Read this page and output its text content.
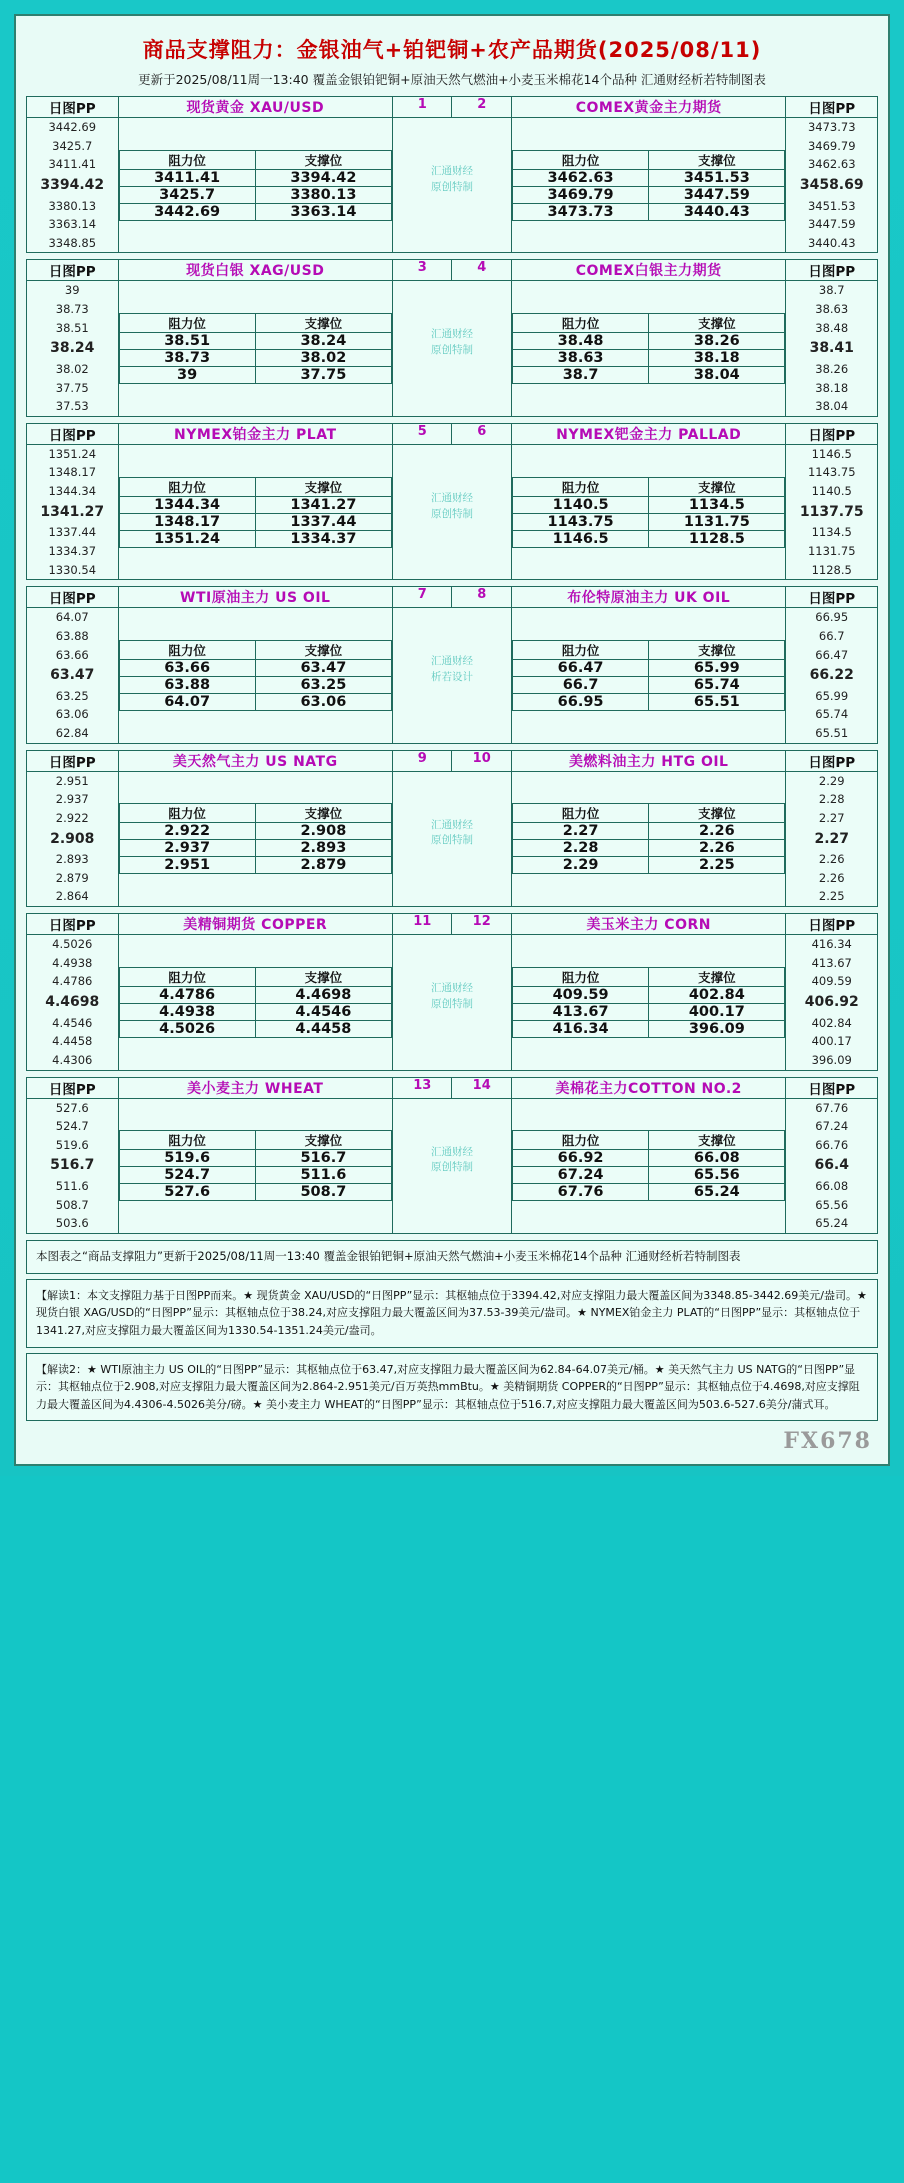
商品支撑阻力：金银油气+铂钯铜+农产品期货(2025/08/11)
更新于2025/08/11周一13:40 覆盖金银铂钯铜+原油天然气燃油+小麦玉米棉花14个品种 汇通财经析若特制图表
日图PP	现货黄金 XAU/USD	1	2	COMEX黄金主力期货	日图PP

3442.69
3425.7
3411.41
3394.42
3380.13
3363.14
3348.85

阻力位	支撑位
3411.41	3394.42
3425.7	3380.13
3442.69	3363.14

汇通财经
原创特制

阻力位	支撑位
3462.63	3451.53
3469.79	3447.59
3473.73	3440.43

3473.73
3469.79
3462.63
3458.69
3451.53
3447.59
3440.43
日图PP	现货白银 XAG/USD	3	4	COMEX白银主力期货	日图PP

39
38.73
38.51
38.24
38.02
37.75
37.53

阻力位	支撑位
38.51	38.24
38.73	38.02
39	37.75

汇通财经
原创特制

阻力位	支撑位
38.48	38.26
38.63	38.18
38.7	38.04

38.7
38.63
38.48
38.41
38.26
38.18
38.04
日图PP	NYMEX铂金主力 PLAT	5	6	NYMEX钯金主力 PALLAD	日图PP

1351.24
1348.17
1344.34
1341.27
1337.44
1334.37
1330.54

阻力位	支撑位
1344.34	1341.27
1348.17	1337.44
1351.24	1334.37

汇通财经
原创特制

阻力位	支撑位
1140.5	1134.5
1143.75	1131.75
1146.5	1128.5

1146.5
1143.75
1140.5
1137.75
1134.5
1131.75
1128.5
日图PP	WTI原油主力 US OIL	7	8	布伦特原油主力 UK OIL	日图PP

64.07
63.88
63.66
63.47
63.25
63.06
62.84

阻力位	支撑位
63.66	63.47
63.88	63.25
64.07	63.06

汇通财经
析若设计

阻力位	支撑位
66.47	65.99
66.7	65.74
66.95	65.51

66.95
66.7
66.47
66.22
65.99
65.74
65.51
日图PP	美天然气主力 US NATG	9	10	美燃料油主力 HTG OIL	日图PP

2.951
2.937
2.922
2.908
2.893
2.879
2.864

阻力位	支撑位
2.922	2.908
2.937	2.893
2.951	2.879

汇通财经
原创特制

阻力位	支撑位
2.27	2.26
2.28	2.26
2.29	2.25

2.29
2.28
2.27
2.27
2.26
2.26
2.25
日图PP	美精铜期货 COPPER	11	12	美玉米主力 CORN	日图PP

4.5026
4.4938
4.4786
4.4698
4.4546
4.4458
4.4306

阻力位	支撑位
4.4786	4.4698
4.4938	4.4546
4.5026	4.4458

汇通财经
原创特制

阻力位	支撑位
409.59	402.84
413.67	400.17
416.34	396.09

416.34
413.67
409.59
406.92
402.84
400.17
396.09
日图PP	美小麦主力 WHEAT	13	14	美棉花主力COTTON NO.2	日图PP

527.6
524.7
519.6
516.7
511.6
508.7
503.6

阻力位	支撑位
519.6	516.7
524.7	511.6
527.6	508.7

汇通财经
原创特制

阻力位	支撑位
66.92	66.08
67.24	65.56
67.76	65.24

67.76
67.24
66.76
66.4
66.08
65.56
65.24
本图表之“商品支撑阻力”更新于2025/08/11周一13:40 覆盖金银铂钯铜+原油天然气燃油+小麦玉米棉花14个品种 汇通财经析若特制图表
【解读1：本文支撑阻力基于日图PP而来。★ 现货黄金 XAU/USD的“日图PP”显示：其枢轴点位于3394.42,对应支撑阻力最大覆盖区间为3348.85-3442.69美元/盎司。★ 现货白银 XAG/USD的“日图PP”显示：其枢轴点位于38.24,对应支撑阻力最大覆盖区间为37.53-39美元/盎司。★ NYMEX铂金主力 PLAT的“日图PP”显示：其枢轴点位于1341.27,对应支撑阻力最大覆盖区间为1330.54-1351.24美元/盎司。
【解读2：★ WTI原油主力 US OIL的“日图PP”显示：其枢轴点位于63.47,对应支撑阻力最大覆盖区间为62.84-64.07美元/桶。★ 美天然气主力 US NATG的“日图PP”显示：其枢轴点位于2.908,对应支撑阻力最大覆盖区间为2.864-2.951美元/百万英热mmBtu。★ 美精铜期货 COPPER的“日图PP”显示：其枢轴点位于4.4698,对应支撑阻力最大覆盖区间为4.4306-4.5026美分/磅。★ 美小麦主力 WHEAT的“日图PP”显示：其枢轴点位于516.7,对应支撑阻力最大覆盖区间为503.6-527.6美分/蒲式耳。
FX678
